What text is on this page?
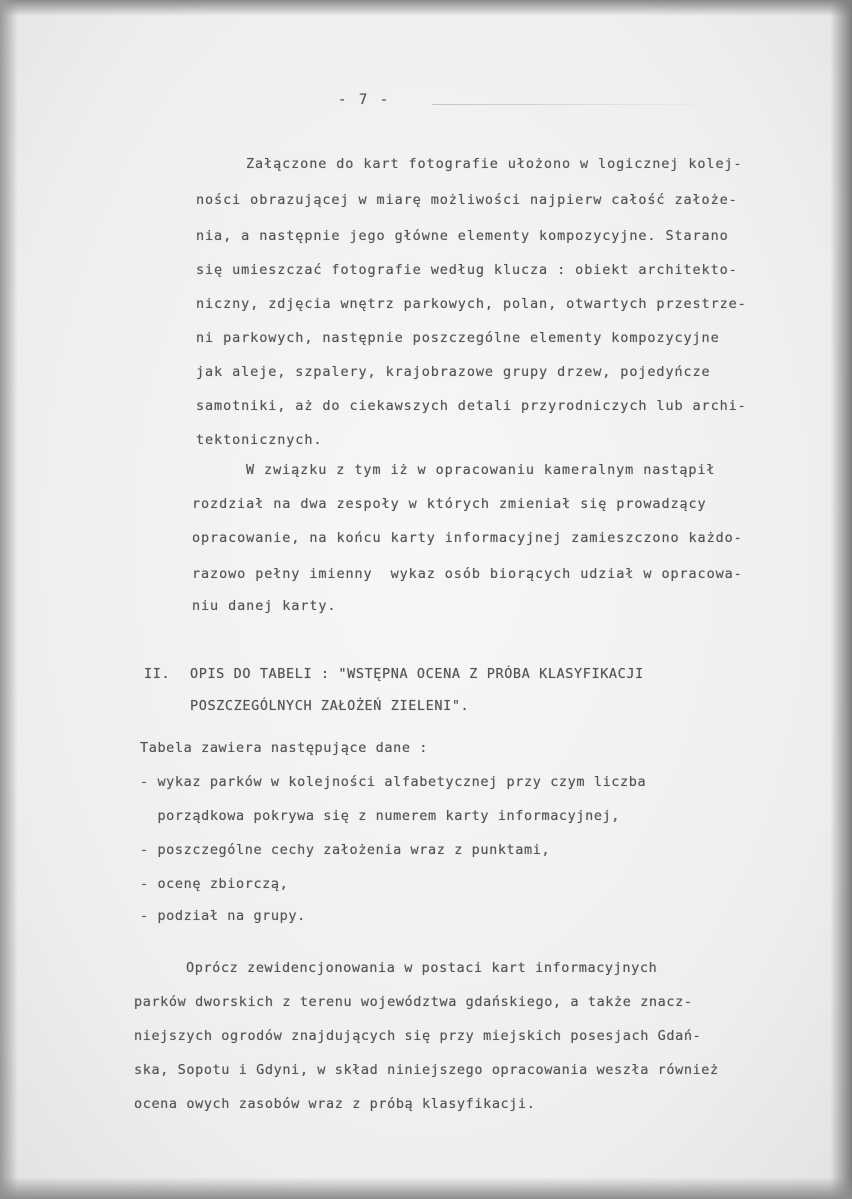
- 7 -
Załączone do kart fotografie ułożono w logicznej kolej-
ności obrazującej w miarę możliwości najpierw całość założe-
nia, a następnie jego główne elementy kompozycyjne. Starano
się umieszczać fotografie według klucza : obiekt architekto-
niczny, zdjęcia wnętrz parkowych, polan, otwartych przestrze-
ni parkowych, następnie poszczególne elementy kompozycyjne
jak aleje, szpalery, krajobrazowe grupy drzew, pojedyńcze
samotniki, aż do ciekawszych detali przyrodniczych lub archi-
tektonicznych.
W związku z tym iż w opracowaniu kameralnym nastąpił
rozdział na dwa zespoły w których zmieniał się prowadzący
opracowanie, na końcu karty informacyjnej zamieszczono każdo-
razowo pełny imienny  wykaz osób biorących udział w opracowa-
niu danej karty.
II. OPIS DO TABELI : "WSTĘPNA OCENA Z PRÓBA KLASYFIKACJI
POSZCZEGÓLNYCH ZAŁOŻEŃ ZIELENI".
Tabela zawiera następujące dane :
- wykaz parków w kolejności alfabetycznej przy czym liczba
porządkowa pokrywa się z numerem karty informacyjnej,
- poszczególne cechy założenia wraz z punktami,
- ocenę zbiorczą,
- podział na grupy.
Oprócz zewidencjonowania w postaci kart informacyjnych
parków dworskich z terenu województwa gdańskiego, a także znacz-
niejszych ogrodów znajdujących się przy miejskich posesjach Gdań-
ska, Sopotu i Gdyni, w skład niniejszego opracowania weszła również
ocena owych zasobów wraz z próbą klasyfikacji.
